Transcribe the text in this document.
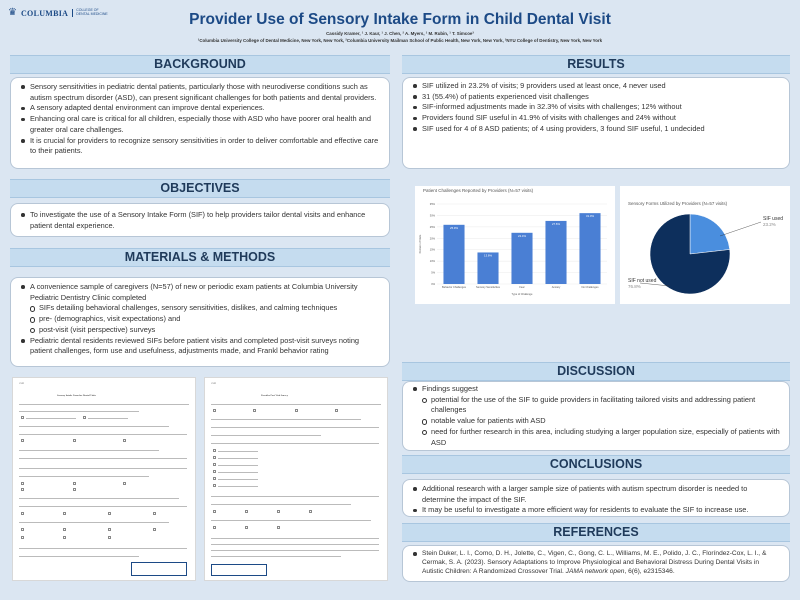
♛ COLUMBIA	COLLEGE OF DENTAL MEDICINE	Provider Use of Sensory Intake Form in Child Dental Visit
Cassidy Kramer, ¹ J. Kaur, ¹ J. Chen, ² A. Myers, ¹ M. Rubin, ¹ T. Simcoe³
¹Columbia University College of Dental Medicine, New York, New York, ²Columbia University Mailman School of Public Health, New York, New York, ³NYU College of Dentistry, New York, New York
BACKGROUND
Sensory sensitivities in pediatric dental patients, particularly those with neurodiverse conditions such as autism spectrum disorder (ASD), can present significant challenges for both patients and dental providers.
A sensory adapted dental environment can improve dental experiences.
Enhancing oral care is critical for all children, especially those with ASD who have poorer oral health and greater oral care challenges.
It is crucial for providers to recognize sensory sensitivities in order to deliver comfortable and effective care to their patients.
OBJECTIVES
To investigate the use of a Sensory Intake Form (SIF) to help providers tailor dental visits and enhance patient dental experience.
MATERIALS & METHODS
A convenience sample of caregivers (N=57) of new or periodic exam patients at Columbia University Pediatric Dentistry Clinic completed
SIFs detailing behavioral challenges, sensory sensitivities, dislikes, and calming techniques
pre- (demographics, visit expectations) and
post-visit (visit perspective) surveys
Pediatric dental residents reviewed SIFs before patient visits and completed post-visit surveys noting patient challenges, form use and usefulness, adjustments made, and Frankl behavior rating
CUD
Sensory Intake Form for Dental Visits
CUD
Provider Post Visit Survey
RESULTS
SIF utilized in 23.2% of visits; 9 providers used at least once, 4 never used
31 (55.4%) of patients experienced visit challenges
SIF-informed adjustments made in 32.3% of visits with challenges; 12% without
Providers found SIF useful in 41.9% of visits with challenges and 24% without
SIF used for 4 of 8 ASD patients; of 4 using providers, 3 found SIF useful, 1 undecided
Patient Challenges Reported by Providers (N=57 visits)
0%
5%
10%
15%
20%
25%
30%
35%
25.9%
Behavior Challenges
13.8%
Sensory Sensitivities
22.4%
Fear
27.6%
Anxiety
31.0%
No Challenges
Type of Challenge
Percent of Visits
Sensory Forms Utilized by Providers (N=57 visits)
SIF used
23.2%
SIF not used
76.8%
DISCUSSION
Findings suggest
potential for the use of the SIF to guide providers in facilitating tailored visits and addressing patient challenges
notable value for patients with ASD
need for further research in this area, including studying a larger population size, especially of patients with ASD
CONCLUSIONS
Additional research with a larger sample size of patients with autism spectrum disorder is needed to determine the impact of the SIF.
It may be useful to investigate a more efficient way for residents to evaluate the SIF to increase use.
REFERENCES
Stein Duker, L. I., Como, D. H., Jolette, C., Vigen, C., Gong, C. L., Williams, M. E., Polido, J. C., Floríndez-Cox, L. I., & Cermak, S. A. (2023). Sensory Adaptations to Improve Physiological and Behavioral Distress During Dental Visits in Autistic Children: A Randomized Crossover Trial. JAMA network open, 6(6), e2315346.
